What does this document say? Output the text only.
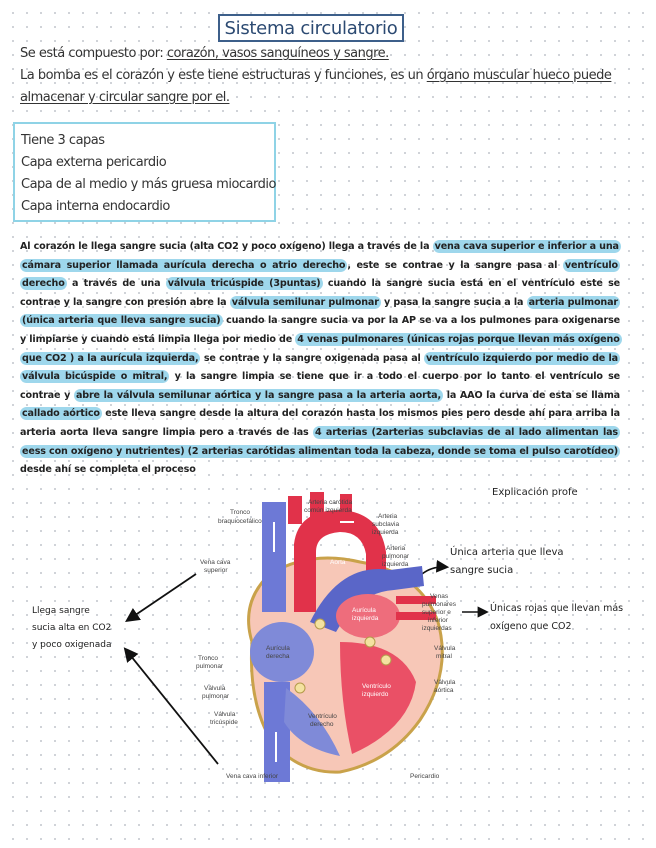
Sistema circulatorio
Se está compuesto por: corazón, vasos sanguíneos y sangre.
La bomba es el corazón y este tiene estructuras y funciones, es un órgano muscular hueco puede
almacenar y circular sangre por el.
Tiene 3 capas
Capa externa pericardio
Capa de al medio y más gruesa miocardio
Capa interna endocardio
Al corazón le llega sangre sucia (alta CO2 y poco oxígeno) llega a través de la vena cava superior e inferior a una cámara superior llamada aurícula derecha o atrio derecho , este se contrae y la sangre pasa al ventrículo derecho a través de una válvula tricúspide (3puntas) cuando la sangre sucia está en el ventrículo este se contrae y la sangre con presión abre la válvula semilunar pulmonar y pasa la sangre sucia a la arteria pulmonar (única arteria que lleva sangre sucia) cuando la sangre sucia va por la AP se va a los pulmones para oxigenarse y limpiarse y cuando está limpia llega por medio de 4 venas pulmonares (únicas rojas porque llevan más oxígeno que CO2 ) a la aurícula izquierda, se contrae y la sangre oxigenada pasa al ventrículo izquierdo por medio de la válvula bicúspide o mitral, y la sangre limpia se tiene que ir a todo el cuerpo por lo tanto el ventrículo se contrae y abre la válvula semilunar aórtica y la sangre pasa a la arteria aorta, la AAO la curva de esta se llama callado aórtico este lleva sangre desde la altura del corazón hasta los mismos pies pero desde ahí para arriba la arteria aorta lleva sangre limpia pero a través de las 4 arterias (2arterias subclavias de al lado alimentan las eess con oxígeno y nutrientes) (2 arterias carótidas alimentan toda la cabeza, donde se toma el pulso carotídeo) desde ahí se completa el proceso
Explicación profe
Única arteria que lleva
sangre sucia
Únicas rojas que llevan más
oxígeno que CO2
Llega sangre
sucia alta en CO2
y poco oxigenada
Arteria carótida
común izquierda
Tronco
braquiocefálico
Arteria
subclavia
izquierda
Arteria
pulmonar
izquierda
Vena cava
superior
Aorta
Tronco
pulmonar
Venas
pulmonares
superior e
inferior
izquierdas
Aurícula
izquierda
Aurícula
derecha
Válvula
mitral
Válvula
pulmonar
Válvula
aórtica
Válvula
tricúspide
Ventrículo
izquierdo
Ventrículo
derecho
Vena cava inferior	Pericardio
